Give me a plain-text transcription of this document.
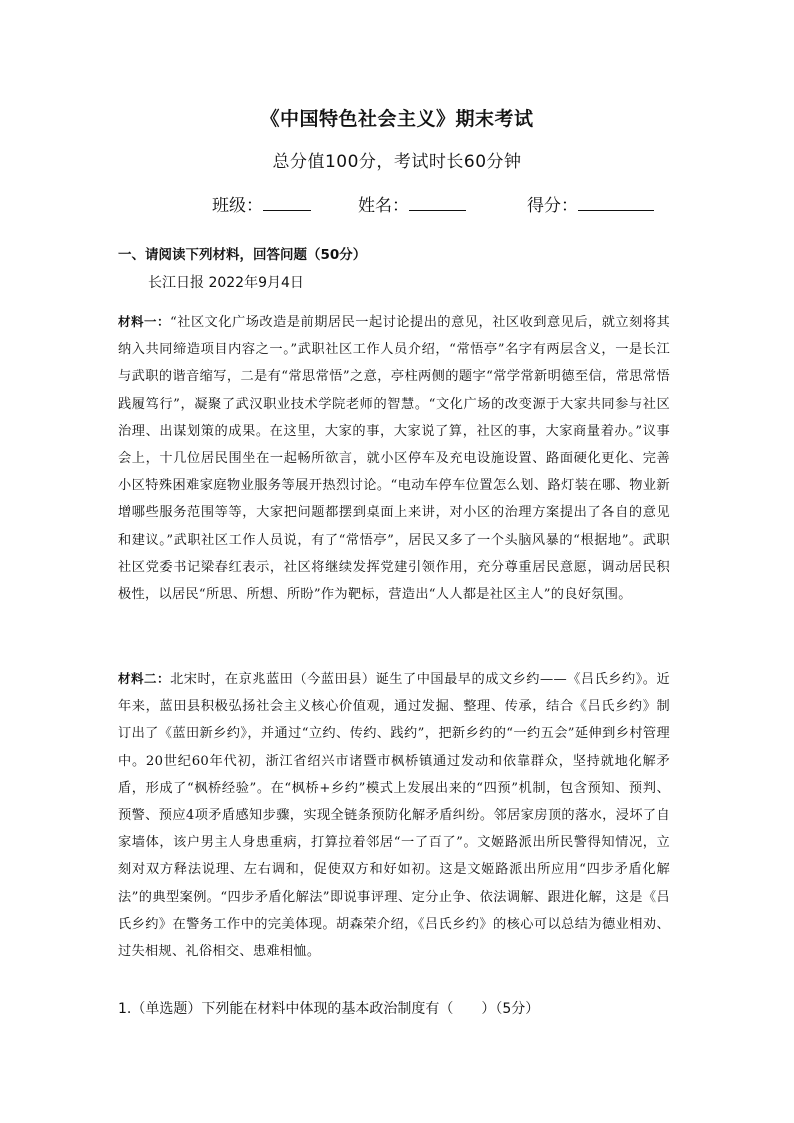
《中国特色社会主义》期末考试
总分值100分，考试时长60分钟
班级：	姓名：	得分：
一、请阅读下列材料，回答问题（50分）
长江日报 2022年9月4日
材料一：“社区文化广场改造是前期居民一起讨论提出的意见，社区收到意见后，就立刻将其纳入共同缔造项目内容之一。”武职社区工作人员介绍，“常悟亭”名字有两层含义，一是长江与武职的谐音缩写，二是有“常思常悟”之意，亭柱两侧的题字“常学常新明德至信，常思常悟践履笃行”，凝聚了武汉职业技术学院老师的智慧。“文化广场的改变源于大家共同参与社区治理、出谋划策的成果。在这里，大家的事，大家说了算，社区的事，大家商量着办。”议事会上，十几位居民围坐在一起畅所欲言，就小区停车及充电设施设置、路面硬化更化、完善小区特殊困难家庭物业服务等展开热烈讨论。“电动车停车位置怎么划、路灯装在哪、物业新增哪些服务范围等等，大家把问题都摆到桌面上来讲，对小区的治理方案提出了各自的意见和建议。”武职社区工作人员说，有了“常悟亭”，居民又多了一个头脑风暴的“根据地”。武职社区党委书记梁春红表示，社区将继续发挥党建引领作用，充分尊重居民意愿，调动居民积极性，以居民“所思、所想、所盼”作为靶标，营造出“人人都是社区主人”的良好氛围。
材料二：北宋时，在京兆蓝田（今蓝田县）诞生了中国最早的成文乡约——《吕氏乡约》。近年来，蓝田县积极弘扬社会主义核心价值观，通过发掘、整理、传承，结合《吕氏乡约》制订出了《蓝田新乡约》，并通过“立约、传约、践约”，把新乡约的“一约五会”延伸到乡村管理中。20世纪60年代初，浙江省绍兴市诸暨市枫桥镇通过发动和依靠群众，坚持就地化解矛盾，形成了“枫桥经验”。在“枫桥+乡约”模式上发展出来的“四预”机制，包含预知、预判、预警、预应4项矛盾感知步骤，实现全链条预防化解矛盾纠纷。邻居家房顶的落水，浸坏了自家墙体，该户男主人身患重病，打算拉着邻居“一了百了”。文姬路派出所民警得知情况，立刻对双方释法说理、左右调和，促使双方和好如初。这是文姬路派出所应用“四步矛盾化解法”的典型案例。“四步矛盾化解法”即说事评理、定分止争、依法调解、跟进化解，这是《吕氏乡约》在警务工作中的完美体现。胡森荣介绍，《吕氏乡约》的核心可以总结为德业相劝、过失相规、礼俗相交、患难相恤。
1.（单选题）下列能在材料中体现的基本政治制度有（　　）（5分）
